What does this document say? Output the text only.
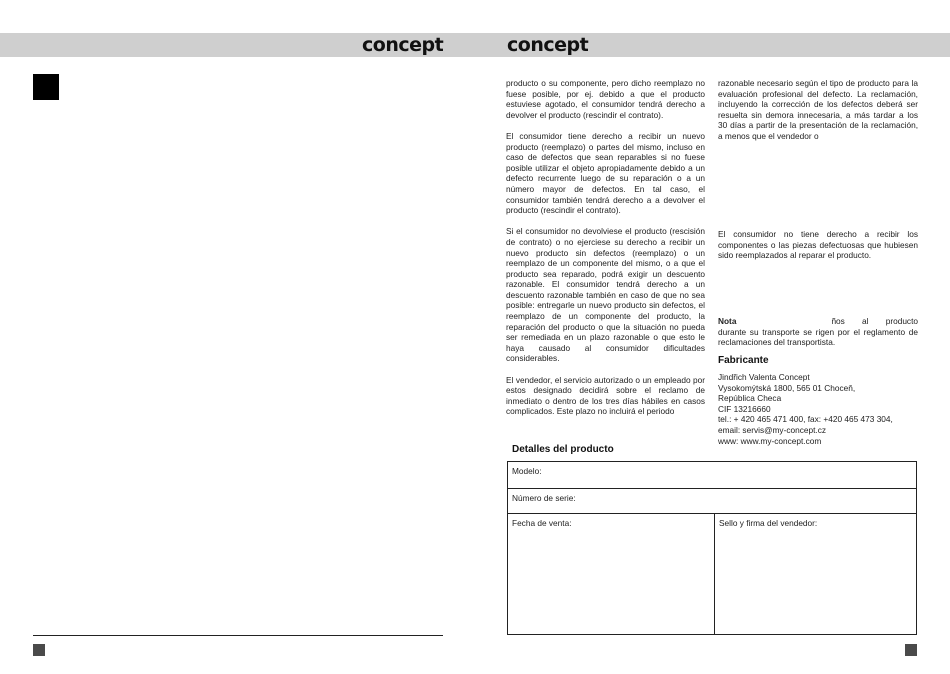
concept	concept

producto o su componente, pero dicho reemplazo no fuese posible, por ej. debido a que el producto estuviese agotado, el consumidor tendrá derecho a devolver el producto (rescindir el contrato).

El consumidor tiene derecho a recibir un nuevo producto (reemplazo) o partes del mismo, incluso en caso de defectos que sean reparables si no fuese posible utilizar el objeto apropiadamente debido a un defecto recurrente luego de su reparación o a un número mayor de defectos. En tal caso, el consumidor también tendrá derecho a a devolver el producto (rescindir el contrato).

Si el consumidor no devolviese el producto (rescisión de contrato) o no ejerciese su derecho a recibir un nuevo producto sin defectos (reemplazo) o un reemplazo de un componente del mismo, o a que el producto sea reparado, podrá exigir un descuento razonable. El consumidor tendrá derecho a un descuento razonable también en caso de que no sea posible: entregarle un nuevo producto sin defectos, el reemplazo de un componente del producto, la reparación del producto o que la situación no pueda ser remediada en un plazo razonable o que esto le haya causado al consumidor dificultades considerables.

El vendedor, el servicio autorizado o un empleado por estos designado decidirá sobre el reclamo de inmediato o dentro de los tres días hábiles en casos complicados. Este plazo no incluirá el periodo

razonable necesario según el tipo de producto para la evaluación profesional del defecto. La reclamación, incluyendo la corrección de los defectos deberá ser resuelta sin demora innecesaria, a más tardar a los 30 días a partir de la presentación de la reclamación, a menos que el vendedor o

El consumidor no tiene derecho a recibir los componentes o las piezas defectuosas que hubiesen sido reemplazados al reparar el producto.
Nota	ños al producto durante su transporte se rigen por el reglamento de reclamaciones del transportista.
Fabricante
Jindřich Valenta Concept
Vysokomýtská 1800, 565 01 Choceň,
República Checa
CIF 13216660
tel.: + 420 465 471 400, fax: +420 465 473 304,
email: servis@my-concept.cz
www: www.my-concept.com
Detalles del producto
Modelo:
Número de serie:
Fecha de venta:	Sello y firma del vendedor:
